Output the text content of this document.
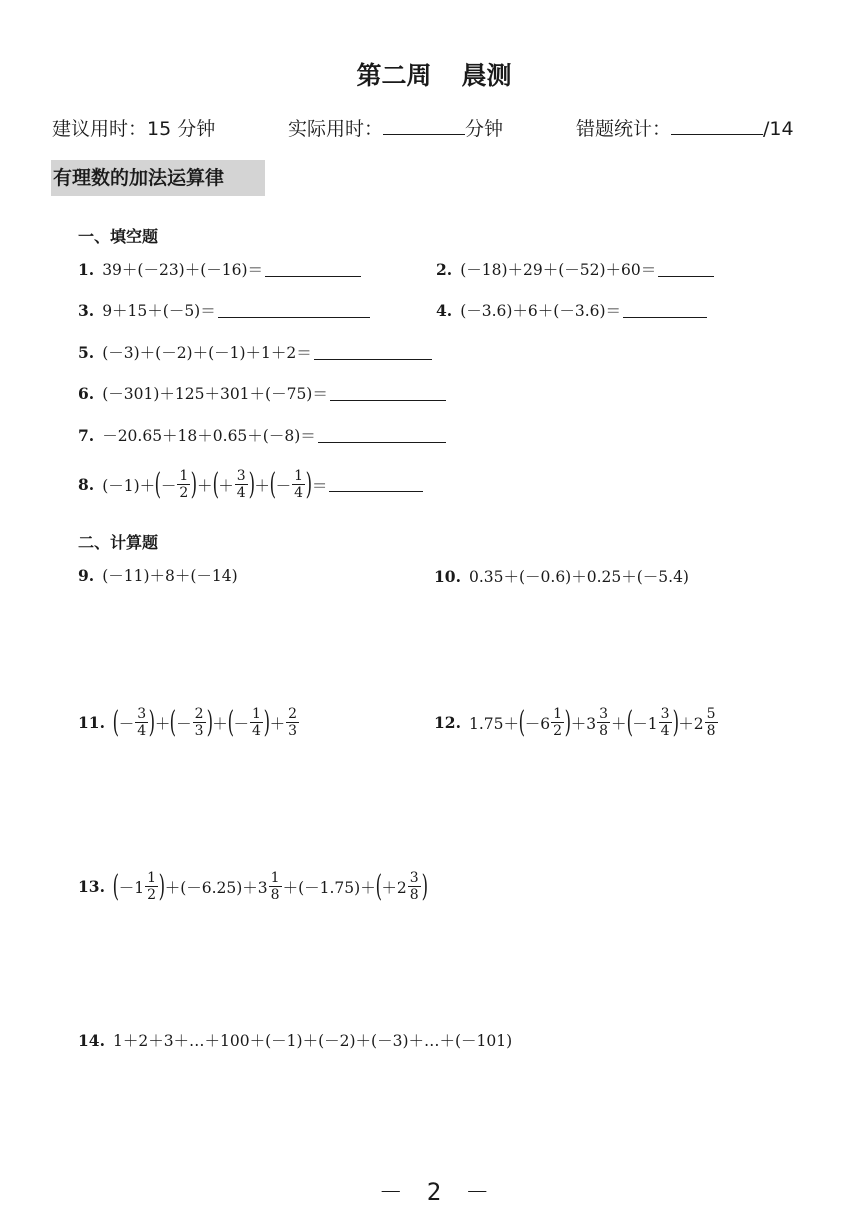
第二周 晨测
建议用时：15 分钟	实际用时：	分钟	错题统计：	/14
有理数的加法运算律
一、填空题
1. 39＋(－23)＋(－16)＝	2. (－18)＋29＋(－52)＋60＝
3. 9＋15＋(－5)＝	4. (－3.6)＋6＋(－3.6)＝
5. (－3)＋(－2)＋(－1)＋1＋2＝
6. (－301)＋125＋301＋(－75)＝
7. －20.65＋18＋0.65＋(－8)＝
8. (－1)＋ ( － $\frac{1}{2}$ ) ＋ ( ＋ $\frac{3}{4}$ ) ＋ ( － $\frac{1}{4}$ ) ＝
二、计算题
9. (－11)＋8＋(－14)	10. 0.35＋(－0.6)＋0.25＋(－5.4)
11. ( － $\frac{3}{4}$ ) ＋ ( － $\frac{2}{3}$ ) ＋ ( － $\frac{1}{4}$ ) ＋ $\frac{2}{3}$	12. 1.75＋ ( $-6 \frac{1}{2}$ ) $+3 \frac{3}{8}$ ＋ ( $-1 \frac{3}{4}$ ) $+2 \frac{5}{8}$
13. ( $-1 \frac{1}{2}$ ) $+(-6.25)+3 \frac{1}{8} +(-1.75)+$ ( $+2 \frac{3}{8}$ )
14. 1＋2＋3＋…＋100＋(－1)＋(－2)＋(－3)＋…＋(－101)
－　2　－
